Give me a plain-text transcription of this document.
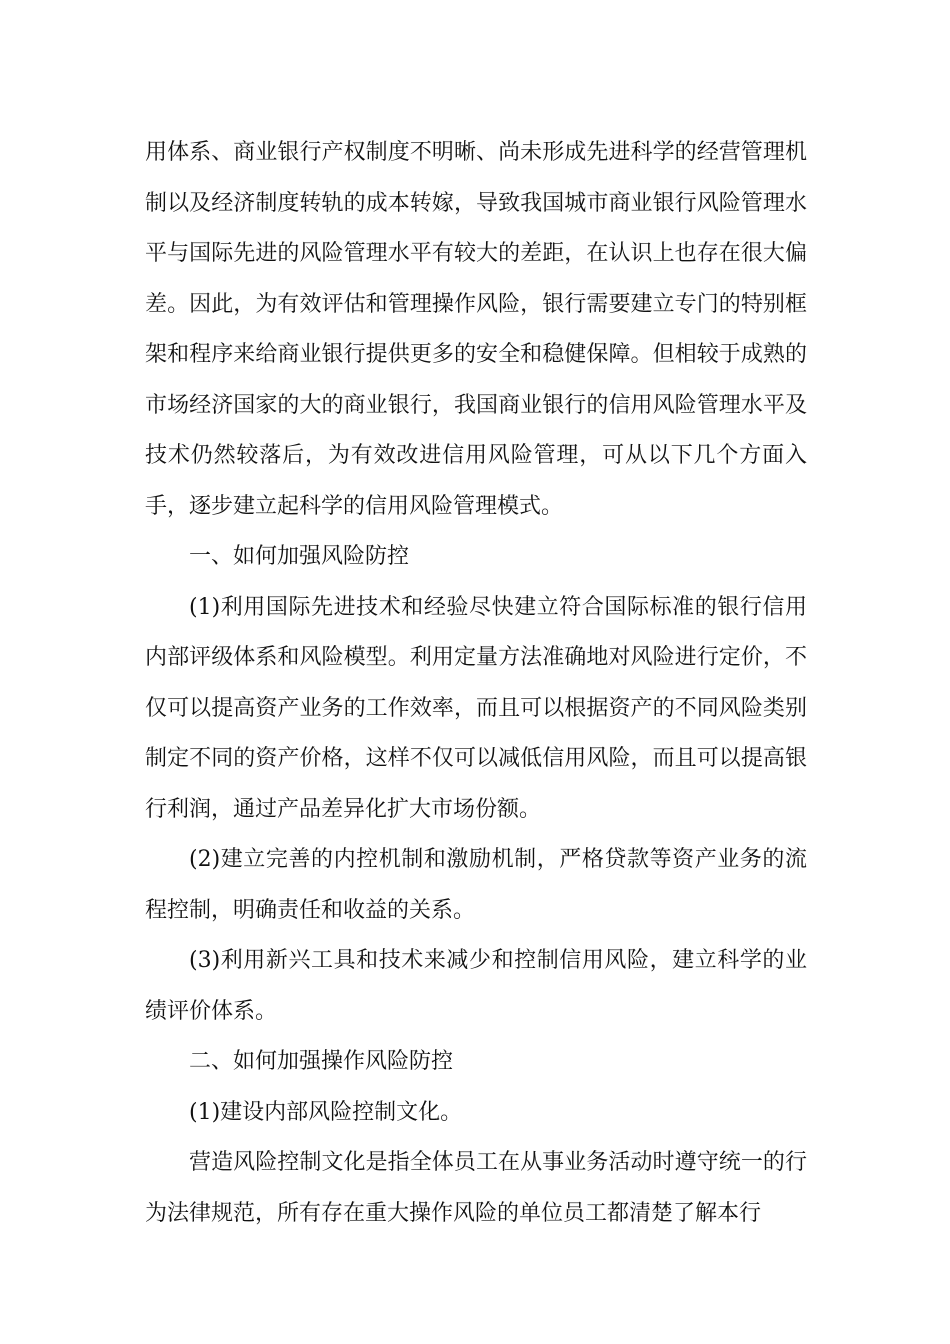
用体系、商业银行产权制度不明晰、尚未形成先进科学的经营管理机制以及经济制度转轨的成本转嫁，导致我国城市商业银行风险管理水平与国际先进的风险管理水平有较大的差距，在认识上也存在很大偏差。因此，为有效评估和管理操作风险，银行需要建立专门的特别框架和程序来给商业银行提供更多的安全和稳健保障。但相较于成熟的市场经济国家的大的商业银行，我国商业银行的信用风险管理水平及技术仍然较落后，为有效改进信用风险管理，可从以下几个方面入手，逐步建立起科学的信用风险管理模式。

一、如何加强风险防控

(1)利用国际先进技术和经验尽快建立符合国际标准的银行信用内部评级体系和风险模型。利用定量方法准确地对风险进行定价，不仅可以提高资产业务的工作效率，而且可以根据资产的不同风险类别制定不同的资产价格，这样不仅可以减低信用风险，而且可以提高银行利润，通过产品差异化扩大市场份额。

(2)建立完善的内控机制和激励机制，严格贷款等资产业务的流程控制，明确责任和收益的关系。

(3)利用新兴工具和技术来减少和控制信用风险，建立科学的业绩评价体系。

二、如何加强操作风险防控

(1)建设内部风险控制文化。

营造风险控制文化是指全体员工在从事业务活动时遵守统一的行为法律规范，所有存在重大操作风险的单位员工都清楚了解本行
